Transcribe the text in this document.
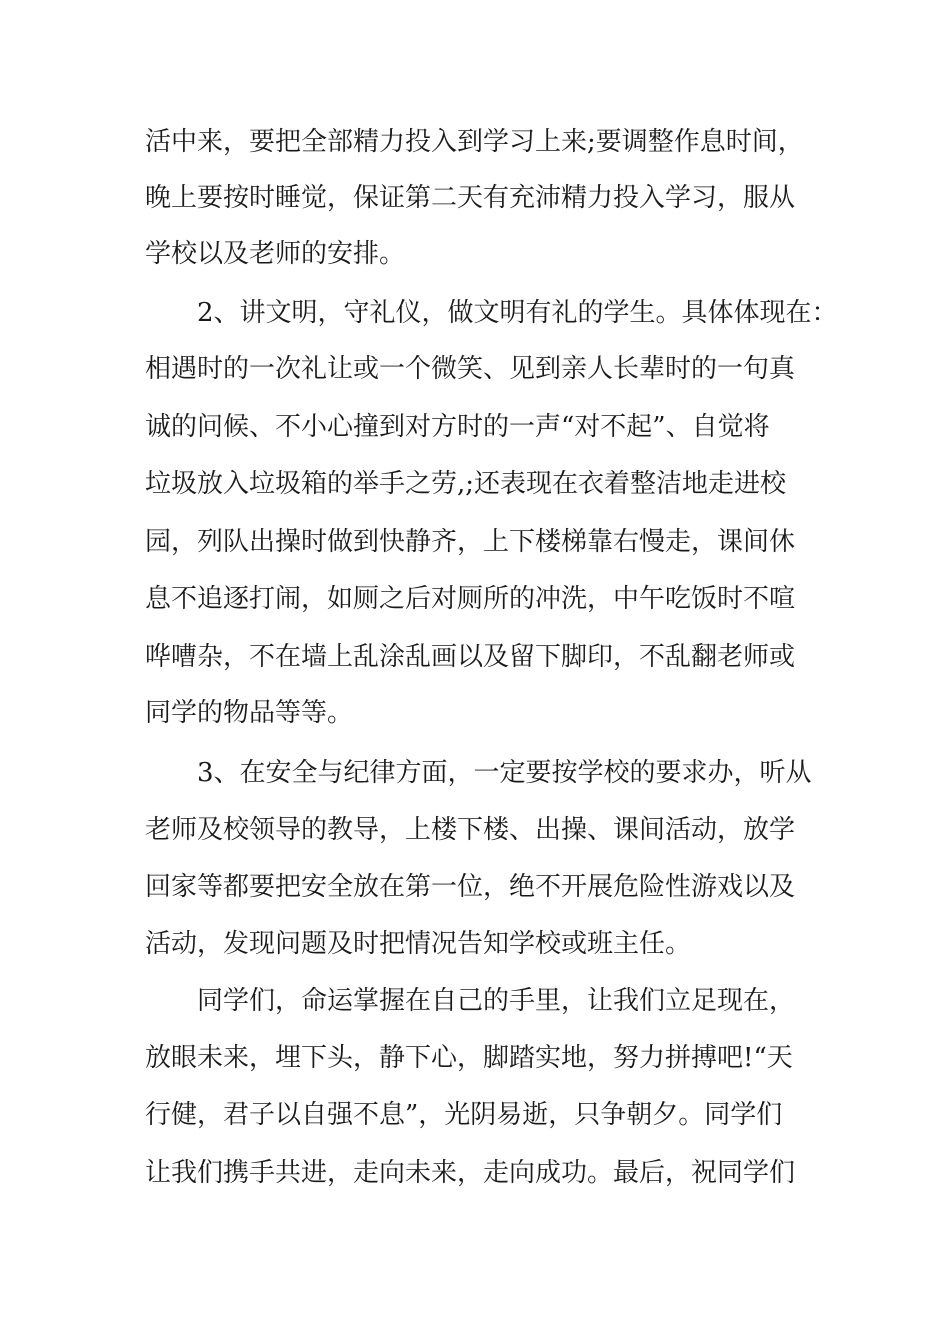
活中来，要把全部精力投入到学习上来;要调整作息时间，
晚上要按时睡觉，保证第二天有充沛精力投入学习，服从
学校以及老师的安排。
2、讲文明，守礼仪，做文明有礼的学生。具体体现在：
相遇时的一次礼让或一个微笑、见到亲人长辈时的一句真
诚的问候、不小心撞到对方时的一声“对不起”、自觉将
垃圾放入垃圾箱的举手之劳,;还表现在衣着整洁地走进校
园，列队出操时做到快静齐，上下楼梯靠右慢走，课间休
息不追逐打闹，如厕之后对厕所的冲洗，中午吃饭时不喧
哗嘈杂，不在墙上乱涂乱画以及留下脚印，不乱翻老师或
同学的物品等等。
3、在安全与纪律方面，一定要按学校的要求办，听从
老师及校领导的教导，上楼下楼、出操、课间活动，放学
回家等都要把安全放在第一位，绝不开展危险性游戏以及
活动，发现问题及时把情况告知学校或班主任。
同学们，命运掌握在自己的手里，让我们立足现在，
放眼未来，埋下头，静下心，脚踏实地，努力拼搏吧!“天
行健，君子以自强不息”，光阴易逝，只争朝夕。同学们
让我们携手共进，走向未来，走向成功。最后，祝同学们
